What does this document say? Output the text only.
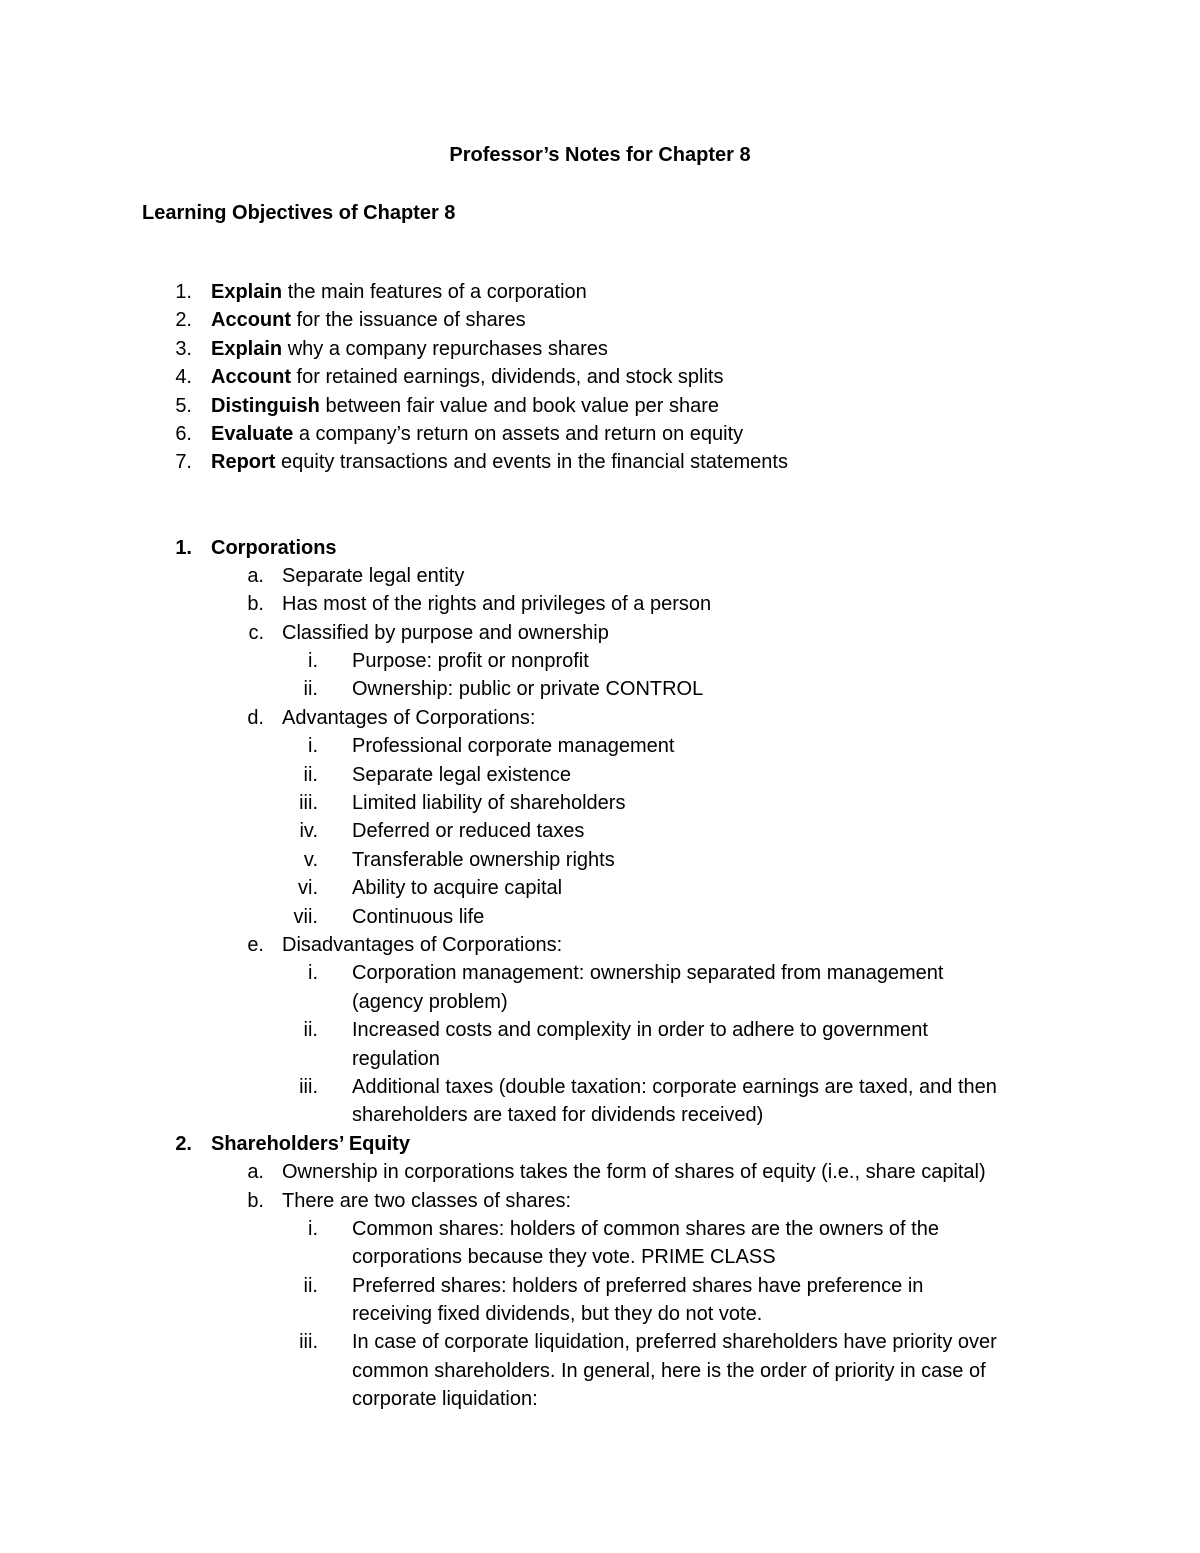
Professor’s Notes for Chapter 8
Learning Objectives of Chapter 8
1. Explain the main features of a corporation
2. Account for the issuance of shares
3. Explain why a company repurchases shares
4. Account for retained earnings, dividends, and stock splits
5. Distinguish between fair value and book value per share
6. Evaluate a company’s return on assets and return on equity
7. Report equity transactions and events in the financial statements
1. Corporations
a. Separate legal entity
b. Has most of the rights and privileges of a person
c. Classified by purpose and ownership
i. Purpose: profit or nonprofit
ii. Ownership: public or private CONTROL
d. Advantages of Corporations:
i. Professional corporate management
ii. Separate legal existence
iii. Limited liability of shareholders
iv. Deferred or reduced taxes
v. Transferable ownership rights
vi. Ability to acquire capital
vii. Continuous life
e. Disadvantages of Corporations:
i. Corporation management: ownership separated from management
(agency problem)
ii. Increased costs and complexity in order to adhere to government
regulation
iii. Additional taxes (double taxation: corporate earnings are taxed, and then
shareholders are taxed for dividends received)
2. Shareholders’ Equity
a. Ownership in corporations takes the form of shares of equity (i.e., share capital)
b. There are two classes of shares:
i. Common shares: holders of common shares are the owners of the
corporations because they vote. PRIME CLASS
ii. Preferred shares: holders of preferred shares have preference in
receiving fixed dividends, but they do not vote.
iii. In case of corporate liquidation, preferred shareholders have priority over
common shareholders. In general, here is the order of priority in case of
corporate liquidation:
